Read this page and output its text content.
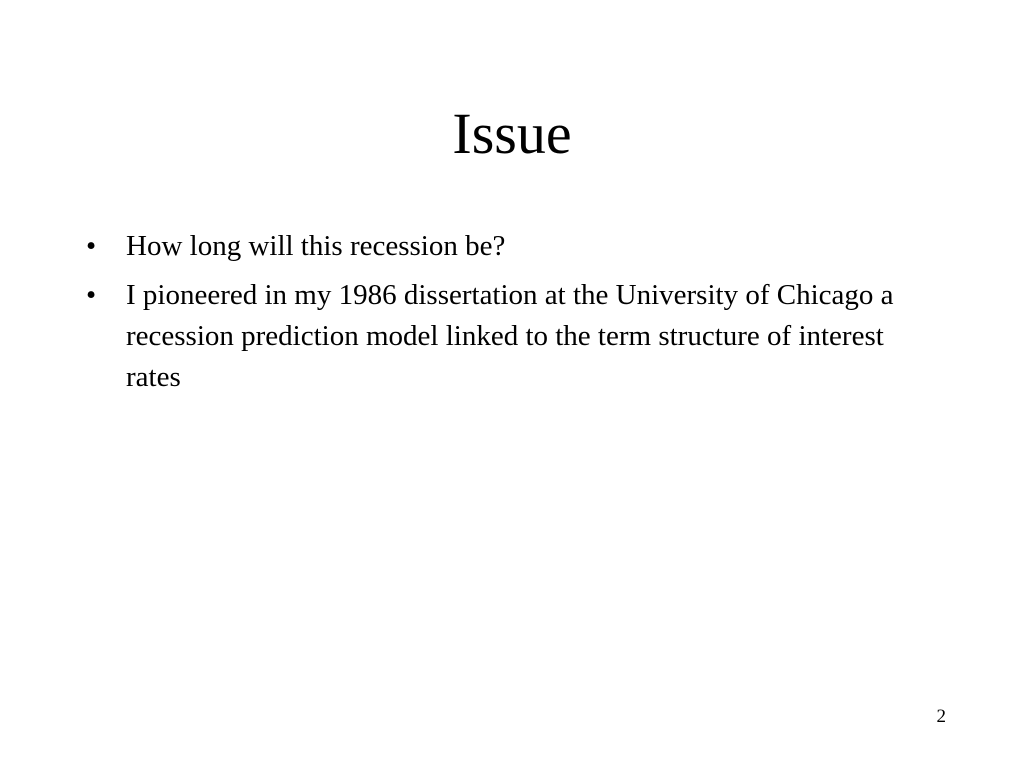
Issue
•	How long will this recession be?
•	I pioneered in my 1986 dissertation at the University of Chicago a recession prediction model linked to the term structure of interest rates
2
